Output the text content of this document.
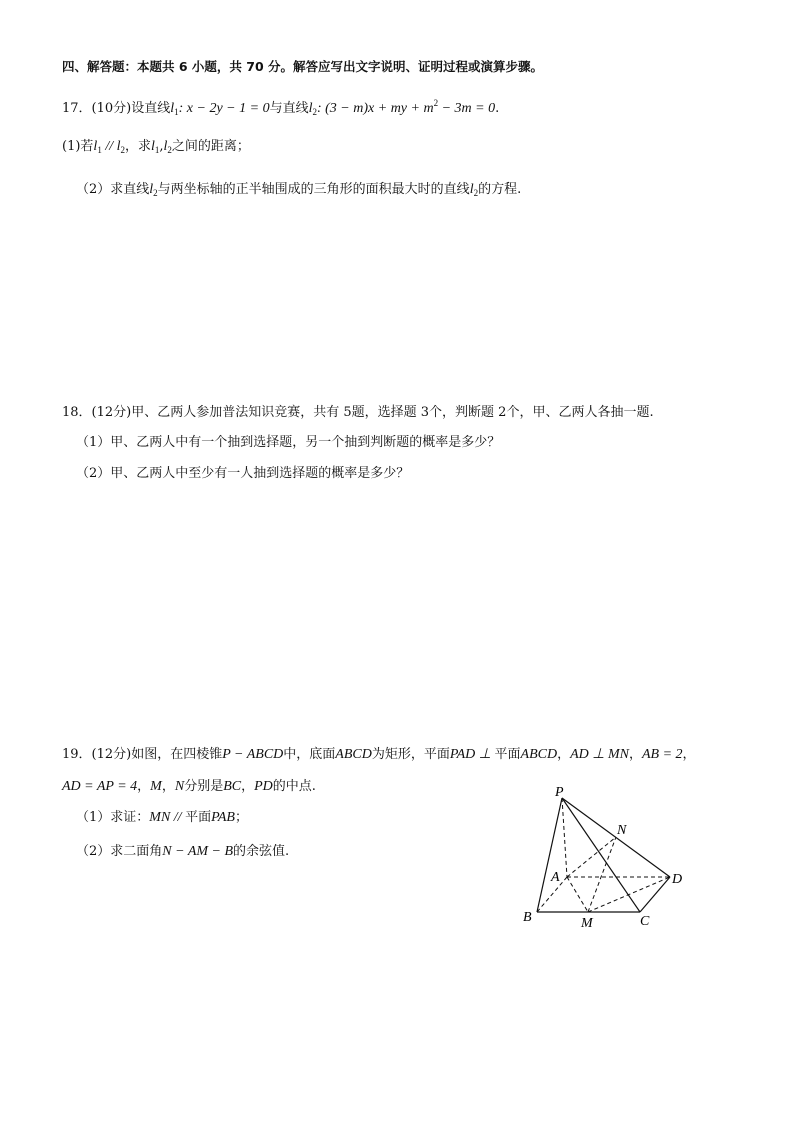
四、解答题：本题共 6 小题，共 70 分。解答应写出文字说明、证明过程或演算步骤。
17．(10分)设直线$l_1$: x − 2y − 1 = 0与直线$l_2$: (3 − m)x + my + $m^2 - 3m = 0$.
(1)若$l_1 // l_2$，求$l_1,l_2$之间的距离；
（2）求直线$l_2$与两坐标轴的正半轴围成的三角形的面积最大时的直线$l_2$的方程.
18．(12分)甲、乙两人参加普法知识竞赛，共有 5题，选择题 3个，判断题 2个，甲、乙两人各抽一题.
（1）甲、乙两人中有一个抽到选择题，另一个抽到判断题的概率是多少？
（2）甲、乙两人中至少有一人抽到选择题的概率是多少？
19．(12分)如图，在四棱锥P − ABCD中，底面ABCD为矩形，平面PAD ⊥ 平面ABCD，AD ⊥ MN，AB = 2，
AD = AP = 4，M，N分别是BC，PD的中点.
（1）求证：MN // 平面PAB；
（2）求二面角N − AM − B的余弦值.
P
N
A	D
B	M	C
